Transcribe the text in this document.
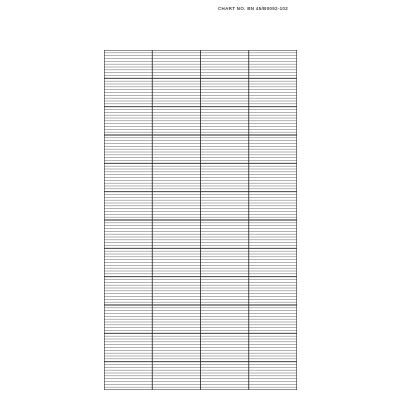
CHART NO. BN 45/B0052-102
